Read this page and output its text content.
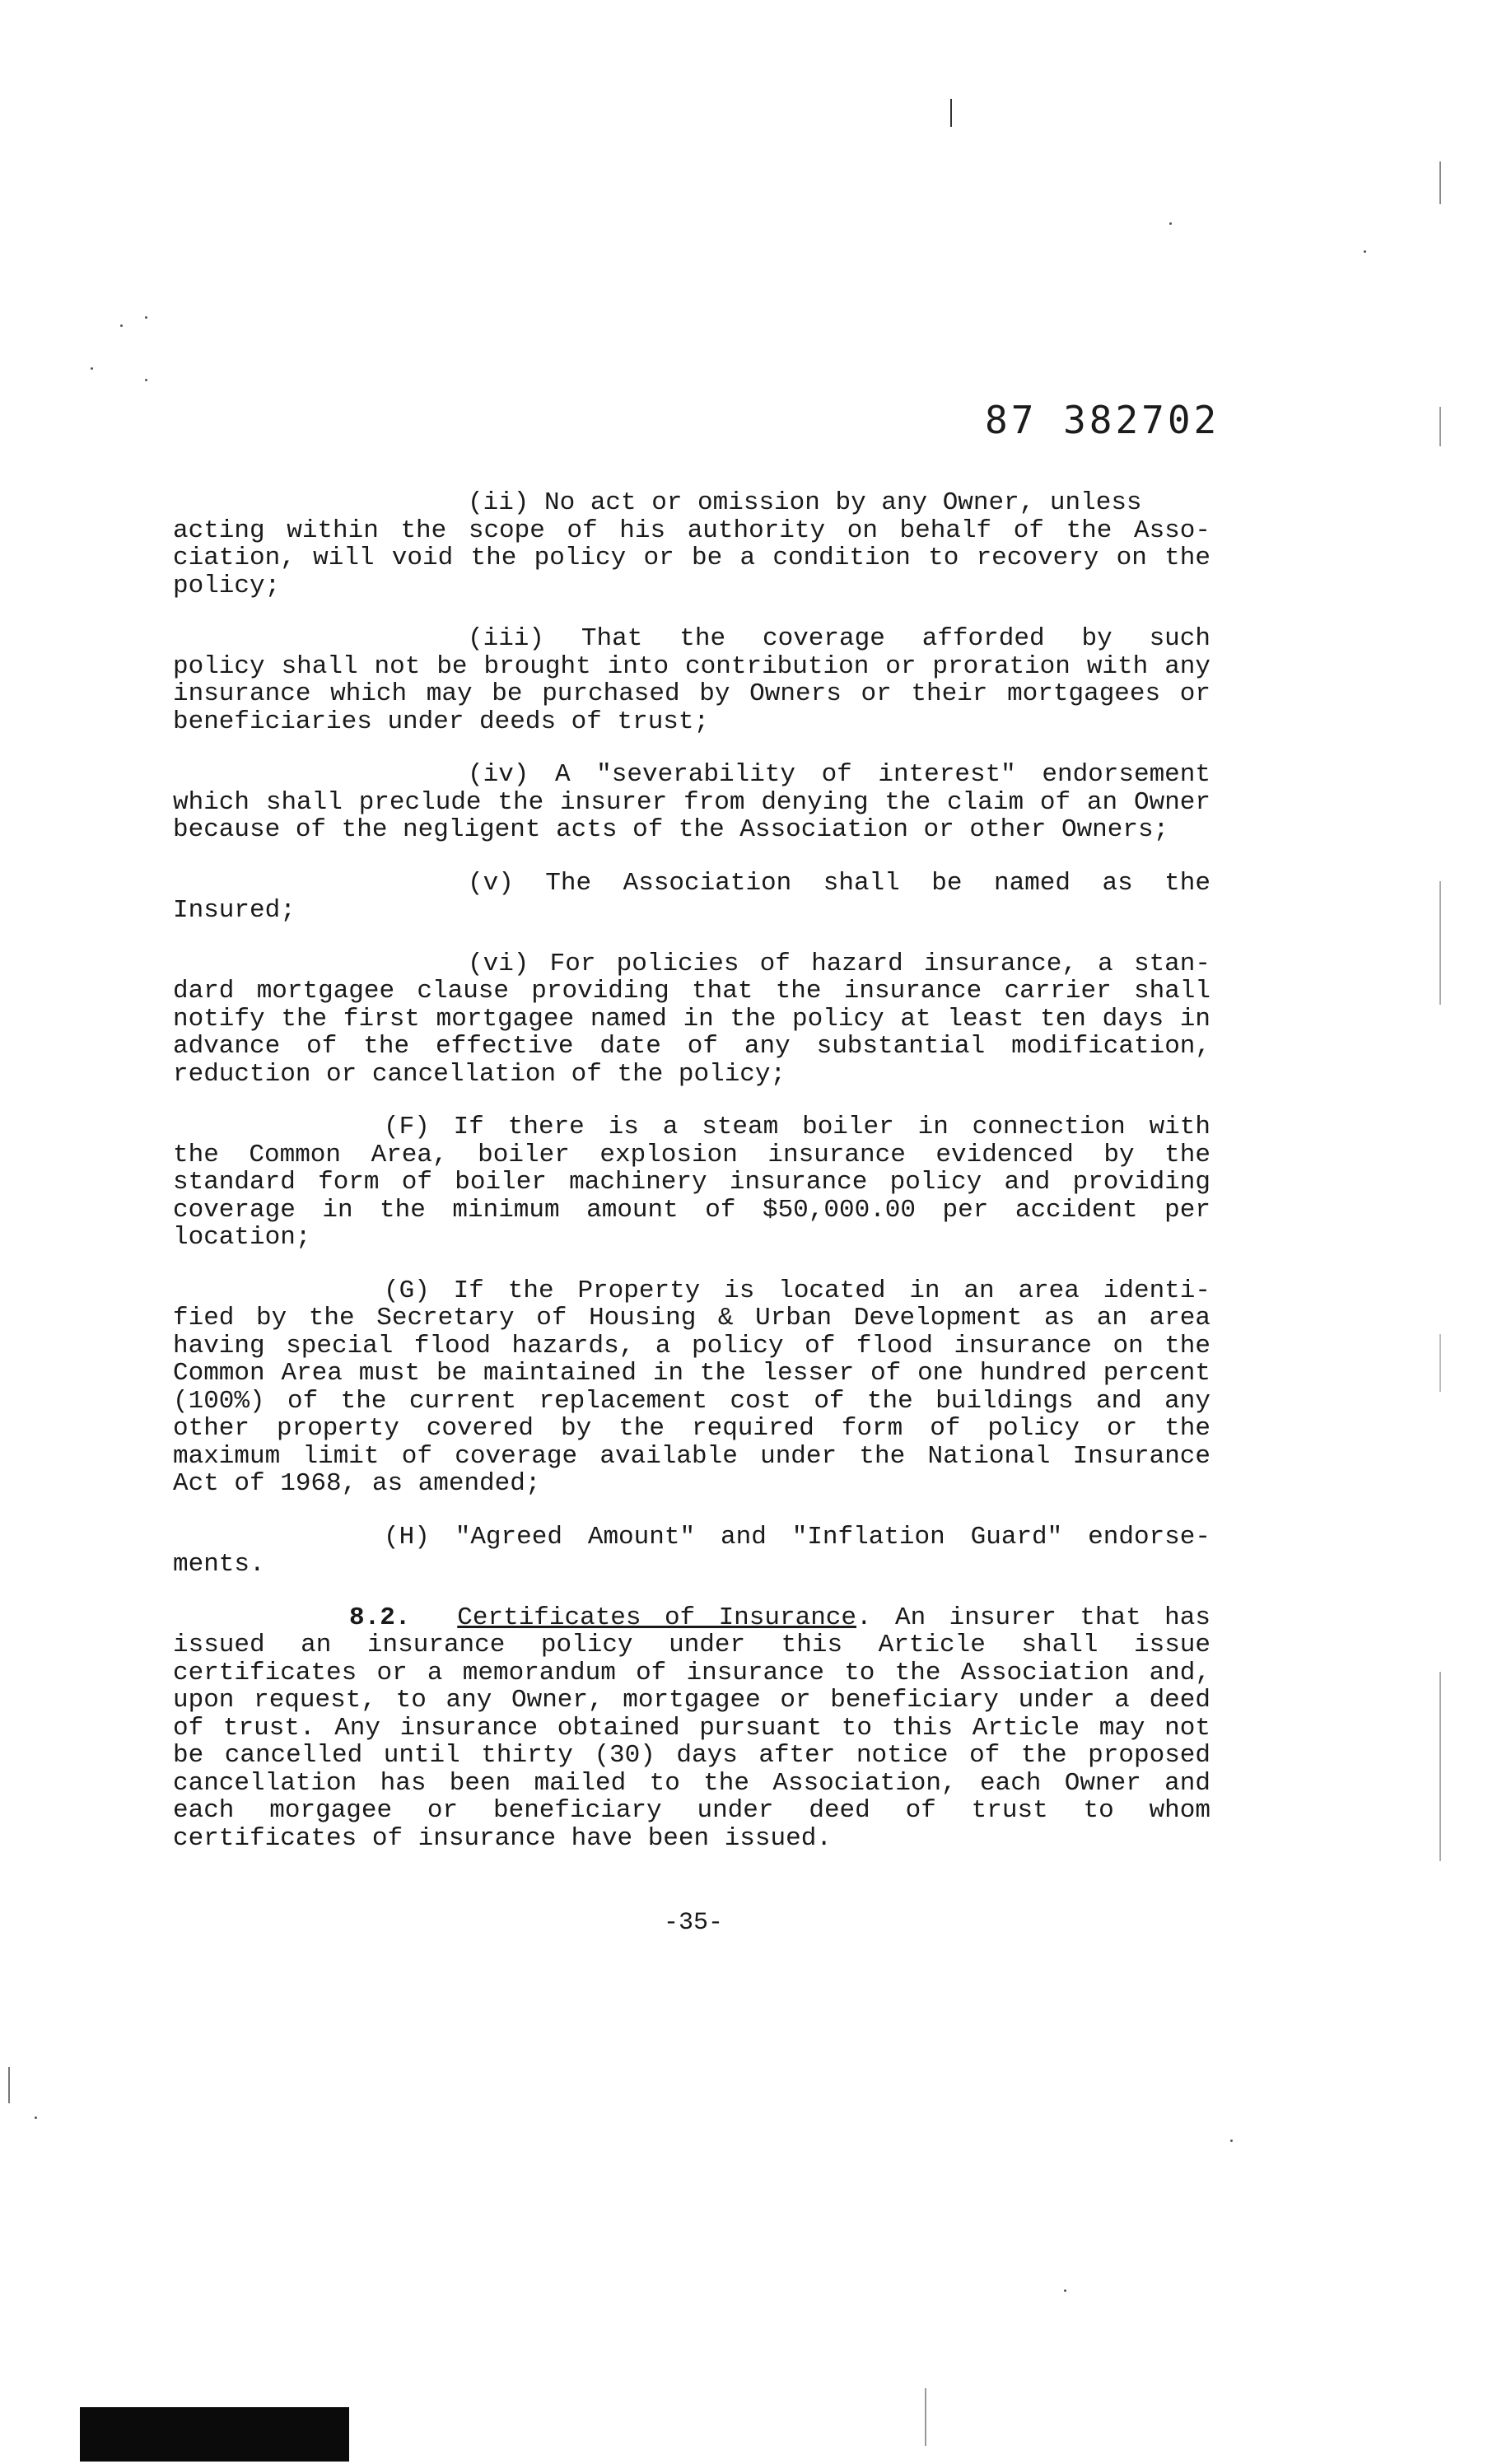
87 382702

(ii) No act or omission by any Owner, unless
acting within the scope of his authority on behalf of the Asso-ciation, will void the policy or be a condition to recovery on the policy;

(iii) That the coverage afforded by such
policy shall not be brought into contribution or proration with any insurance which may be purchased by Owners or their mortgagees or beneficiaries under deeds of trust;

(iv) A "severability of interest" endorsement
which shall preclude the insurer from denying the claim of an Owner because of the negligent acts of the Association or other Owners;

(v) The Association shall be named as the
Insured;

(vi) For policies of hazard insurance, a stan-
dard mortgagee clause providing that the insurance carrier shall notify the first mortgagee named in the policy at least ten days in advance of the effective date of any substantial modification, reduction or cancellation of the policy;

(F) If there is a steam boiler in connection with
the Common Area, boiler explosion insurance evidenced by the standard form of boiler machinery insurance policy and providing coverage in the minimum amount of $50,000.00 per accident per location;

(G) If the Property is located in an area identi-
fied by the Secretary of Housing & Urban Development as an area having special flood hazards, a policy of flood insurance on the Common Area must be maintained in the lesser of one hundred percent (100%) of the current replacement cost of the buildings and any other property covered by the required form of policy or the maximum limit of coverage available under the National Insurance Act of 1968, as amended;

(H) "Agreed Amount" and "Inflation Guard" endorse-
ments.

8.2. Certificates of Insurance. An insurer that has issued an insurance policy under this Article shall issue certificates or a memorandum of insurance to the Association and, upon request, to any Owner, mortgagee or beneficiary under a deed of trust. Any insurance obtained pursuant to this Article may not be cancelled until thirty (30) days after notice of the proposed cancellation has been mailed to the Association, each Owner and each morgagee or beneficiary under deed of trust to whom certificates of insurance have been issued.

-35-
